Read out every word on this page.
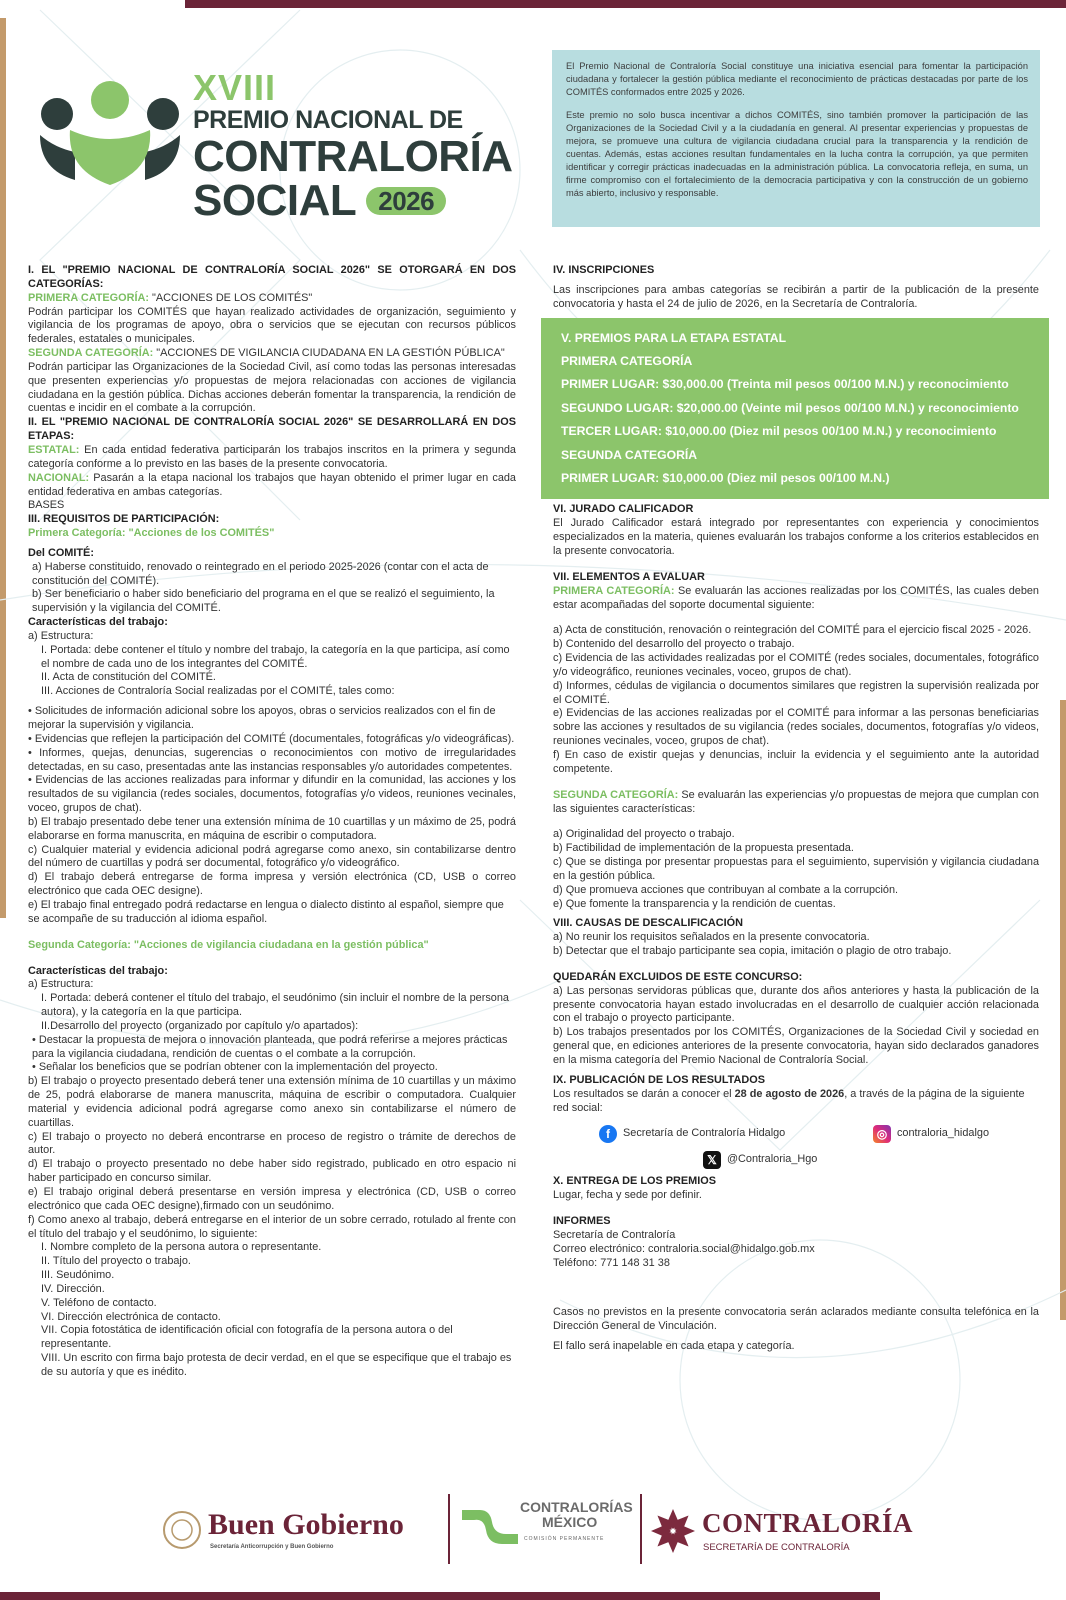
XVIII
PREMIO NACIONAL DE
CONTRALORÍA
SOCIAL 2026

El Premio Nacional de Contraloría Social constituye una iniciativa esencial para fomentar la participación ciudadana y fortalecer la gestión pública mediante el reconocimiento de prácticas destacadas por parte de los COMITÉS conformados entre 2025 y 2026.

Este premio no solo busca incentivar a dichos COMITÉS, sino también promover la participación de las Organizaciones de la Sociedad Civil y a la ciudadanía en general. Al presentar experiencias y propuestas de mejora, se promueve una cultura de vigilancia ciudadana crucial para la transparencia y la rendición de cuentas. Además, estas acciones resultan fundamentales en la lucha contra la corrupción, ya que permiten identificar y corregir prácticas inadecuadas en la administración pública. La convocatoria refleja, en suma, un firme compromiso con el fortalecimiento de la democracia participativa y con la construcción de un gobierno más abierto, inclusivo y responsable.

I. EL "PREMIO NACIONAL DE CONTRALORÍA SOCIAL 2026" SE OTORGARÁ EN DOS CATEGORÍAS:
PRIMERA CATEGORÍA: "ACCIONES DE LOS COMITÉS"
Podrán participar los COMITÉS que hayan realizado actividades de organización, seguimiento y vigilancia de los programas de apoyo, obra o servicios que se ejecutan con recursos públicos federales, estatales o municipales.
SEGUNDA CATEGORÍA: "ACCIONES DE VIGILANCIA CIUDADANA EN LA GESTIÓN PÚBLICA"
Podrán participar las Organizaciones de la Sociedad Civil, así como todas las personas interesadas que presenten experiencias y/o propuestas de mejora relacionadas con acciones de vigilancia ciudadana en la gestión pública. Dichas acciones deberán fomentar la transparencia, la rendición de cuentas e incidir en el combate a la corrupción.
II. EL "PREMIO NACIONAL DE CONTRALORÍA SOCIAL 2026" SE DESARROLLARÁ EN DOS ETAPAS:
ESTATAL: En cada entidad federativa participarán los trabajos inscritos en la primera y segunda categoría conforme a lo previsto en las bases de la presente convocatoria.
NACIONAL: Pasarán a la etapa nacional los trabajos que hayan obtenido el primer lugar en cada entidad federativa en ambas categorías.
BASES
III. REQUISITOS DE PARTICIPACIÓN:
Primera Categoría: "Acciones de los COMITÉS"
Del COMITÉ:
a) Haberse constituido, renovado o reintegrado en el periodo 2025-2026 (contar con el acta de constitución del COMITÉ).
b) Ser beneficiario o haber sido beneficiario del programa en el que se realizó el seguimiento, la supervisión y la vigilancia del COMITÉ.
Características del trabajo:
a) Estructura:
I. Portada: debe contener el título y nombre del trabajo, la categoría en la que participa, así como el nombre de cada uno de los integrantes del COMITÉ.
II. Acta de constitución del COMITÉ.
III. Acciones de Contraloría Social realizadas por el COMITÉ, tales como:
• Solicitudes de información adicional sobre los apoyos, obras o servicios realizados con el fin de mejorar la supervisión y vigilancia.
• Evidencias que reflejen la participación del COMITÉ (documentales, fotográficas y/o videográficas).
• Informes, quejas, denuncias, sugerencias o reconocimientos con motivo de irregularidades detectadas, en su caso, presentadas ante las instancias responsables y/o autoridades competentes.
• Evidencias de las acciones realizadas para informar y difundir en la comunidad, las acciones y los resultados de su vigilancia (redes sociales, documentos, fotografías y/o videos, reuniones vecinales, voceo, grupos de chat).
b) El trabajo presentado debe tener una extensión mínima de 10 cuartillas y un máximo de 25, podrá elaborarse en forma manuscrita, en máquina de escribir o computadora.
c) Cualquier material y evidencia adicional podrá agregarse como anexo, sin contabilizarse dentro del número de cuartillas y podrá ser documental, fotográfico y/o videográfico.
d) El trabajo deberá entregarse de forma impresa y versión electrónica (CD, USB o correo electrónico que cada OEC designe).
e) El trabajo final entregado podrá redactarse en lengua o dialecto distinto al español, siempre que se acompañe de su traducción al idioma español.
Segunda Categoría: "Acciones de vigilancia ciudadana en la gestión pública"
Características del trabajo:
a) Estructura:
I. Portada: deberá contener el título del trabajo, el seudónimo (sin incluir el nombre de la persona autora), y la categoría en la que participa.
II.Desarrollo del proyecto (organizado por capítulo y/o apartados):
• Destacar la propuesta de mejora o innovación planteada, que podrá referirse a mejores prácticas para la vigilancia ciudadana, rendición de cuentas o el combate a la corrupción.
• Señalar los beneficios que se podrían obtener con la implementación del proyecto.
b) El trabajo o proyecto presentado deberá tener una extensión mínima de 10 cuartillas y un máximo de 25, podrá elaborarse de manera manuscrita, máquina de escribir o computadora. Cualquier material y evidencia adicional podrá agregarse como anexo sin contabilizarse el número de cuartillas.
c) El trabajo o proyecto no deberá encontrarse en proceso de registro o trámite de derechos de autor.
d) El trabajo o proyecto presentado no debe haber sido registrado, publicado en otro espacio ni haber participado en concurso similar.
e) El trabajo original deberá presentarse en versión impresa y electrónica (CD, USB o correo electrónico que cada OEC designe),firmado con un seudónimo.
f) Como anexo al trabajo, deberá entregarse en el interior de un sobre cerrado, rotulado al frente con el título del trabajo y el seudónimo, lo siguiente:
I. Nombre completo de la persona autora o representante.
II. Título del proyecto o trabajo.
III. Seudónimo.
IV. Dirección.
V. Teléfono de contacto.
VI. Dirección electrónica de contacto.
VII. Copia fotostática de identificación oficial con fotografía de la persona autora o del representante.
VIII. Un escrito con firma bajo protesta de decir verdad, en el que se especifique que el trabajo es de su autoría y que es inédito.
IV. INSCRIPCIONES
Las inscripciones para ambas categorías se recibirán a partir de la publicación de la presente convocatoria y hasta el 24 de julio de 2026, en la Secretaría de Contraloría.
V. PREMIOS PARA LA ETAPA ESTATAL
PRIMERA CATEGORÍA
PRIMER LUGAR: $30,000.00 (Treinta mil pesos 00/100 M.N.) y reconocimiento
SEGUNDO LUGAR: $20,000.00 (Veinte mil pesos 00/100 M.N.) y reconocimiento
TERCER LUGAR: $10,000.00 (Diez mil pesos 00/100 M.N.) y reconocimiento
SEGUNDA CATEGORÍA
PRIMER LUGAR: $10,000.00 (Diez mil pesos 00/100 M.N.)
VI. JURADO CALIFICADOR
El Jurado Calificador estará integrado por representantes con experiencia y conocimientos especializados en la materia, quienes evaluarán los trabajos conforme a los criterios establecidos en la presente convocatoria.
VII. ELEMENTOS A EVALUAR
PRIMERA CATEGORÍA: Se evaluarán las acciones realizadas por los COMITÉS, las cuales deben estar acompañadas del soporte documental siguiente:
a) Acta de constitución, renovación o reintegración del COMITÉ para el ejercicio fiscal 2025 - 2026.
b) Contenido del desarrollo del proyecto o trabajo.
c) Evidencia de las actividades realizadas por el COMITÉ (redes sociales, documentales, fotográfico y/o videográfico, reuniones vecinales, voceo, grupos de chat).
d) Informes, cédulas de vigilancia o documentos similares que registren la supervisión realizada por el COMITÉ.
e) Evidencias de las acciones realizadas por el COMITÉ para informar a las personas beneficiarias sobre las acciones y resultados de su vigilancia (redes sociales, documentos, fotografías y/o videos, reuniones vecinales, voceo, grupos de chat).
f) En caso de existir quejas y denuncias, incluir la evidencia y el seguimiento ante la autoridad competente.
SEGUNDA CATEGORÍA: Se evaluarán las experiencias y/o propuestas de mejora que cumplan con las siguientes características:
a) Originalidad del proyecto o trabajo.
b) Factibilidad de implementación de la propuesta presentada.
c) Que se distinga por presentar propuestas para el seguimiento, supervisión y vigilancia ciudadana en la gestión pública.
d) Que promueva acciones que contribuyan al combate a la corrupción.
e) Que fomente la transparencia y la rendición de cuentas.
VIII. CAUSAS DE DESCALIFICACIÓN
a) No reunir los requisitos señalados en la presente convocatoria.
b) Detectar que el trabajo participante sea copia, imitación o plagio de otro trabajo.
QUEDARÁN EXCLUIDOS DE ESTE CONCURSO:
a) Las personas servidoras públicas que, durante dos años anteriores y hasta la publicación de la presente convocatoria hayan estado involucradas en el desarrollo de cualquier acción relacionada con el trabajo o proyecto participante.
b) Los trabajos presentados por los COMITÉS, Organizaciones de la Sociedad Civil y sociedad en general que, en ediciones anteriores de la presente convocatoria, hayan sido declarados ganadores en la misma categoría del Premio Nacional de Contraloría Social.
IX. PUBLICACIÓN DE LOS RESULTADOS
Los resultados se darán a conocer el 28 de agosto de 2026, a través de la página de la siguiente red social:
f	Secretaría de Contraloría Hidalgo	◎ contraloria_hidalgo
𝕏 @Contraloria_Hgo
X. ENTREGA DE LOS PREMIOS
Lugar, fecha y sede por definir.
INFORMES
Secretaría de Contraloría
Correo electrónico: contraloria.social@hidalgo.gob.mx
Teléfono: 771 148 31 38
Casos no previstos en la presente convocatoria serán aclarados mediante consulta telefónica en la Dirección General de Vinculación.
El fallo será inapelable en cada etapa y categoría.
Buen Gobierno
Secretaría Anticorrupción y Buen Gobierno
CONTRALORÍAS
MÉXICO
COMISIÓN PERMANENTE
CONTRALORÍA
SECRETARÍA DE CONTRALORÍA
